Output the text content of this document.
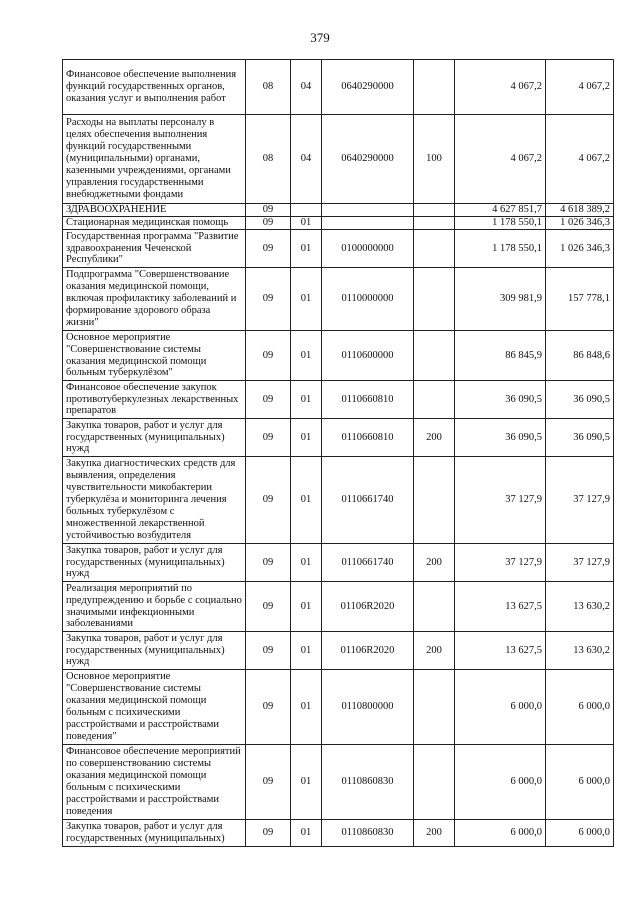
379
Финансовое обеспечение выполнения функций государственных органов, оказания услуг и выполнения работ	08	04	0640290000		4 067,2	4 067,2
Расходы на выплаты персоналу в целях обеспечения выполнения функций государственными (муниципальными) органами, казенными учреждениями, органами управления государственными внебюджетными фондами	08	04	0640290000	100	4 067,2	4 067,2
ЗДРАВООХРАНЕНИЕ	09				4 627 851,7	4 618 389,2
Стационарная медицинская помощь	09	01			1 178 550,1	1 026 346,3
Государственная программа "Развитие здравоохранения Чеченской Республики"	09	01	0100000000		1 178 550,1	1 026 346,3
Подпрограмма "Совершенствование оказания медицинской помощи, включая профилактику заболеваний и формирование здорового образа жизни"	09	01	0110000000		309 981,9	157 778,1
Основное мероприятие "Совершенствование системы оказания медицинской помощи больным туберкулёзом"	09	01	0110600000		86 845,9	86 848,6
Финансовое обеспечение закупок противотуберкулезных лекарственных препаратов	09	01	0110660810		36 090,5	36 090,5
Закупка товаров, работ и услуг для государственных (муниципальных) нужд	09	01	0110660810	200	36 090,5	36 090,5
Закупка диагностических средств для выявления, определения чувствительности микобактерии туберкулёза и мониторинга лечения больных туберкулёзом с множественной лекарственной устойчивостью возбудителя	09	01	0110661740		37 127,9	37 127,9
Закупка товаров, работ и услуг для государственных (муниципальных) нужд	09	01	0110661740	200	37 127,9	37 127,9
Реализация мероприятий по предупреждению и борьбе с социально значимыми инфекционными заболеваниями	09	01	01106R2020		13 627,5	13 630,2
Закупка товаров, работ и услуг для государственных (муниципальных) нужд	09	01	01106R2020	200	13 627,5	13 630,2
Основное мероприятие "Совершенствование системы оказания медицинской помощи больным с психическими расстройствами и расстройствами поведения"	09	01	0110800000		6 000,0	6 000,0
Финансовое обеспечение мероприятий по совершенствованию системы оказания медицинской помощи больным с психическими расстройствами и расстройствами поведения	09	01	0110860830		6 000,0	6 000,0
Закупка товаров, работ и услуг для государственных (муниципальных)	09	01	0110860830	200	6 000,0	6 000,0
